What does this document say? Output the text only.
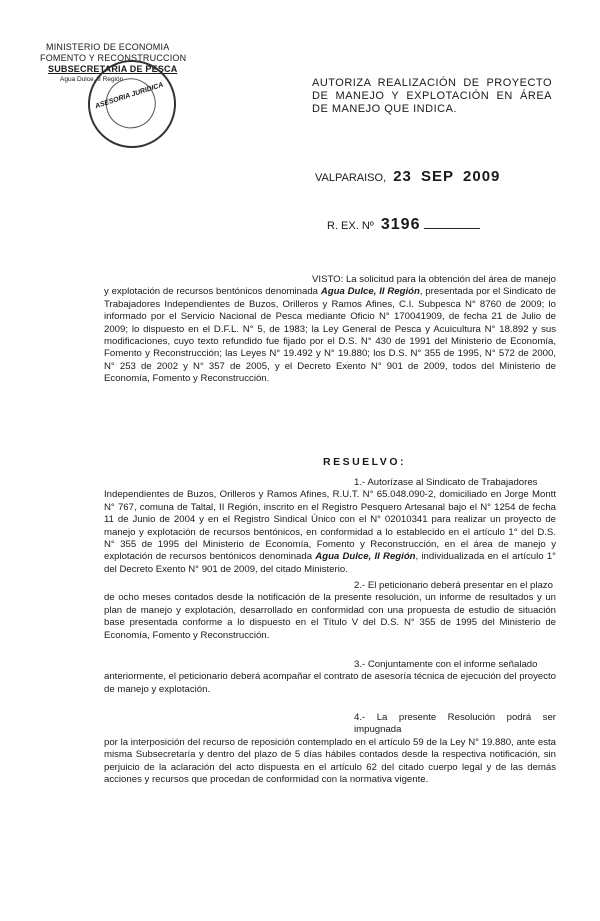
MINISTERIO DE ECONOMIA
FOMENTO Y RECONSTRUCCION
SUBSECRETARIA DE PESCA
Agua Dulce, II Región
ASESORIA JURIDICA	AUTORIZA REALIZACIÓN DE PROYECTO DE MANEJO Y EXPLOTACIÓN EN ÁREA DE MANEJO QUE INDICA.
VALPARAISO, 23 SEP 2009
R. EX. Nº 3196
VISTO: La solicitud para la obtención del área de manejo y explotación de recursos bentónicos denominada Agua Dulce, II Región, presentada por el Sindicato de Trabajadores Independientes de Buzos, Orilleros y Ramos Afines, C.I. Subpesca N° 8760 de 2009; lo informado por el Servicio Nacional de Pesca mediante Oficio N° 170041909, de fecha 21 de Julio de 2009; lo dispuesto en el D.F.L. N° 5, de 1983; la Ley General de Pesca y Acuicultura N° 18.892 y sus modificaciones, cuyo texto refundido fue fijado por el D.S. N° 430 de 1991 del Ministerio de Economía, Fomento y Reconstrucción; las Leyes N° 19.492 y N° 19.880; los D.S. N° 355 de 1995, N° 572 de 2000, N° 253 de 2002 y N° 357 de 2005, y el Decreto Exento N° 901 de 2009, todos del Ministerio de Economía, Fomento y Reconstrucción.
RESUELVO:
1.- Autorízase al Sindicato de Trabajadores Independientes de Buzos, Orilleros y Ramos Afines, R.U.T. N° 65.048.090-2, domiciliado en Jorge Montt N° 767, comuna de Taltal, II Región, inscrito en el Registro Pesquero Artesanal bajo el N° 1254 de fecha 11 de Junio de 2004 y en el Registro Sindical Único con el N° 02010341 para realizar un proyecto de manejo y explotación de recursos bentónicos, en conformidad a lo establecido en el artículo 1° del D.S. N° 355 de 1995 del Ministerio de Economía, Fomento y Reconstrucción, en el área de manejo y explotación de recursos bentónicos denominada Agua Dulce, II Región, individualizada en el artículo 1° del Decreto Exento N° 901 de 2009, del citado Ministerio.
2.- El peticionario deberá presentar en el plazo de ocho meses contados desde la notificación de la presente resolución, un informe de resultados y un plan de manejo y explotación, desarrollado en conformidad con una propuesta de estudio de situación base presentada conforme a lo dispuesto en el Título V del D.S. N° 355 de 1995 del Ministerio de Economía, Fomento y Reconstrucción.
3.- Conjuntamente con el informe señalado anteriormente, el peticionario deberá acompañar el contrato de asesoría técnica de ejecución del proyecto de manejo y explotación.
4.- La presente Resolución podrá ser impugnada por la interposición del recurso de reposición contemplado en el artículo 59 de la Ley N° 19.880, ante esta misma Subsecretaría y dentro del plazo de 5 días hábiles contados desde la respectiva notificación, sin perjuicio de la aclaración del acto dispuesta en el artículo 62 del citado cuerpo legal y de las demás acciones y recursos que procedan de conformidad con la normativa vigente.
